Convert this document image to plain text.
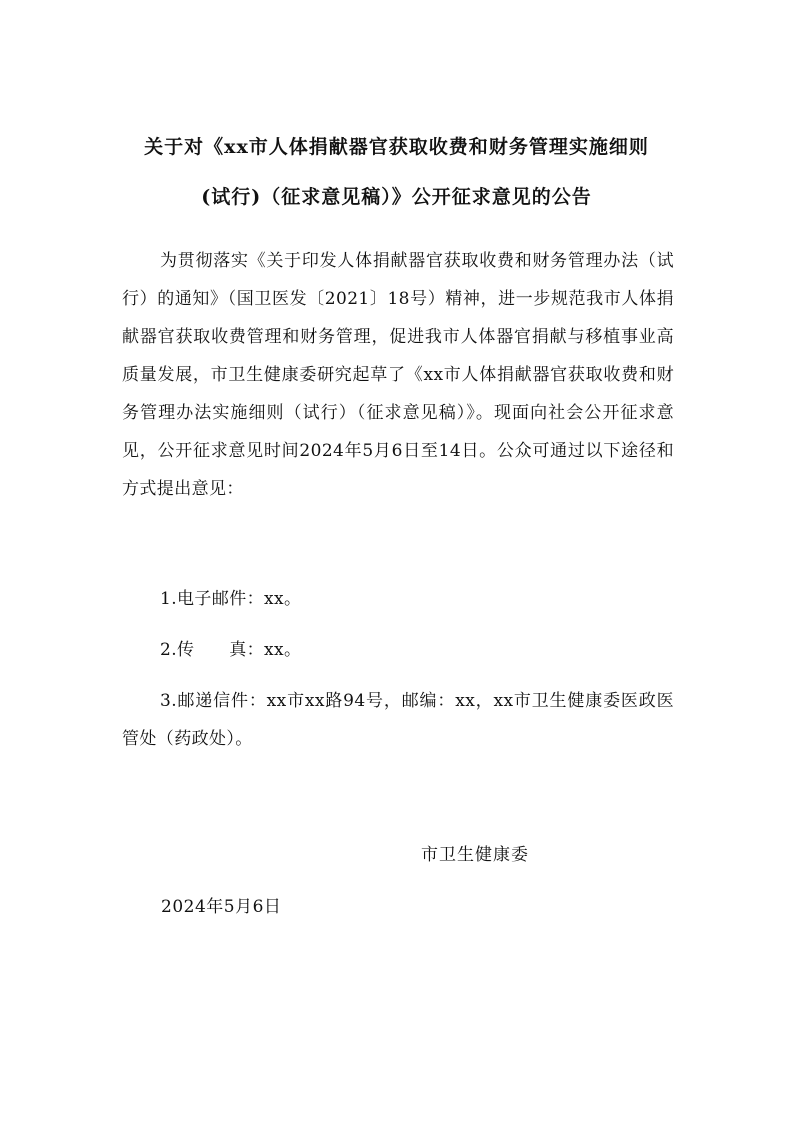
关于对《xx市人体捐献器官获取收费和财务管理实施细则
(试行)（征求意见稿）》公开征求意见的公告

为贯彻落实《关于印发人体捐献器官获取收费和财务管理办法（试行）的通知》（国卫医发〔2021〕18号）精神，进一步规范我市人体捐献器官获取收费管理和财务管理，促进我市人体器官捐献与移植事业高质量发展，市卫生健康委研究起草了《xx市人体捐献器官获取收费和财务管理办法实施细则（试行）（征求意见稿）》。现面向社会公开征求意见，公开征求意见时间2024年5月6日至14日。公众可通过以下途径和方式提出意见：

1.电子邮件：xx。

2.传　　真：xx。

3.邮递信件：xx市xx路94号，邮编：xx，xx市卫生健康委医政医管处（药政处）。

市卫生健康委
2024年5月6日
